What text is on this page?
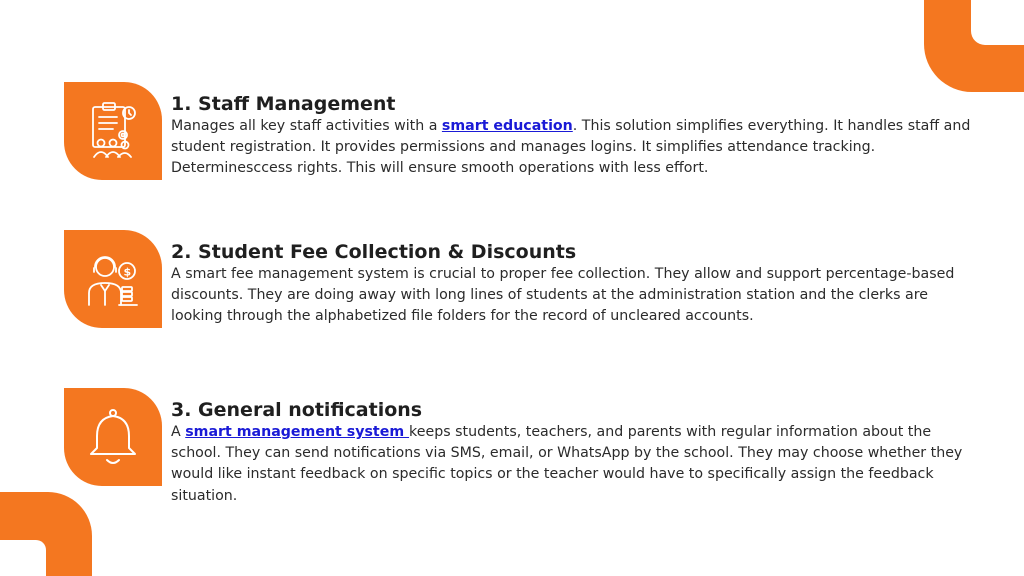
1. Staff Management

Manages all key staff activities with a smart education. This solution simplifies everything. It handles staff and student registration. It provides permissions and manages logins. It simplifies attendance tracking. Determinesccess rights. This will ensure smooth operations with less effort.

$

2. Student Fee Collection & Discounts

A smart fee management system is crucial to proper fee collection. They allow and support percentage-based discounts. They are doing away with long lines of students at the administration station and the clerks are looking through the alphabetized file folders for the record of uncleared accounts.

3. General notifications

A smart management system keeps students, teachers, and parents with regular information about the school. They can send notifications via SMS, email, or WhatsApp by the school. They may choose whether they would like instant feedback on specific topics or the teacher would have to specifically assign the feedback situation.
